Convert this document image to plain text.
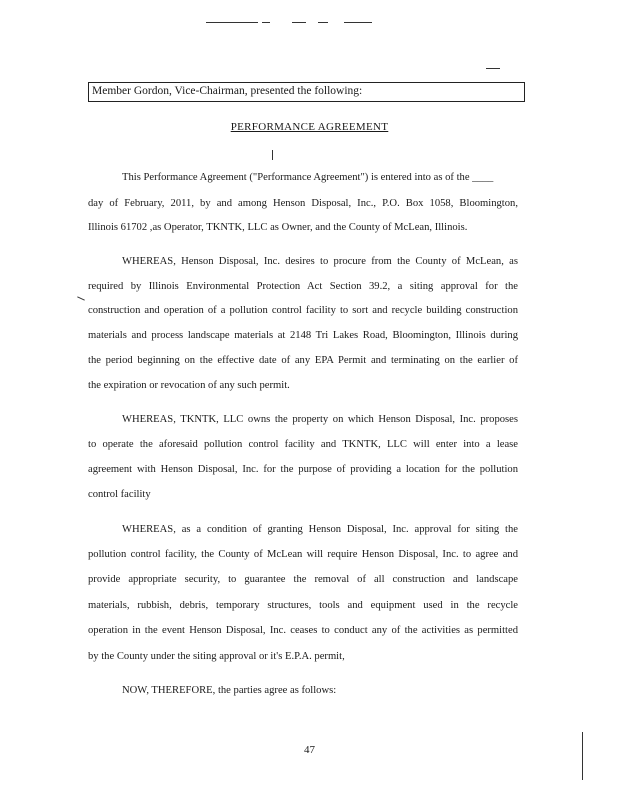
Member Gordon, Vice-Chairman, presented the following:
PERFORMANCE AGREEMENT
This Performance Agreement ("Performance Agreement") is entered into as of the ____
day of February, 2011, by and among Henson Disposal, Inc., P.O. Box 1058, Bloomington,
Illinois 61702 ,as Operator, TKNTK, LLC as Owner, and the County of McLean, Illinois.
WHEREAS, Henson Disposal, Inc. desires to procure from the County of McLean, as
required by Illinois Environmental Protection Act Section 39.2, a siting approval for the
construction and operation of a pollution control facility to sort and recycle building construction
materials and process landscape materials at 2148 Tri Lakes Road, Bloomington, Illinois during
the period beginning on the effective date of any EPA Permit and terminating on the earlier of
the expiration or revocation of any such permit.
WHEREAS, TKNTK, LLC owns the property on which Henson Disposal, Inc. proposes
to operate the aforesaid pollution control facility and TKNTK, LLC will enter into a lease
agreement with Henson Disposal, Inc. for the purpose of providing a location for the pollution
control facility
WHEREAS, as a condition of granting Henson Disposal, Inc. approval for siting the
pollution control facility, the County of McLean will require Henson Disposal, Inc. to agree and
provide appropriate security, to guarantee the removal of all construction and landscape
materials, rubbish, debris, temporary structures, tools and equipment used in the recycle
operation in the event Henson Disposal, Inc. ceases to conduct any of the activities as permitted
by the County under the siting approval or it's E.P.A. permit,
NOW, THEREFORE, the parties agree as follows:
47
